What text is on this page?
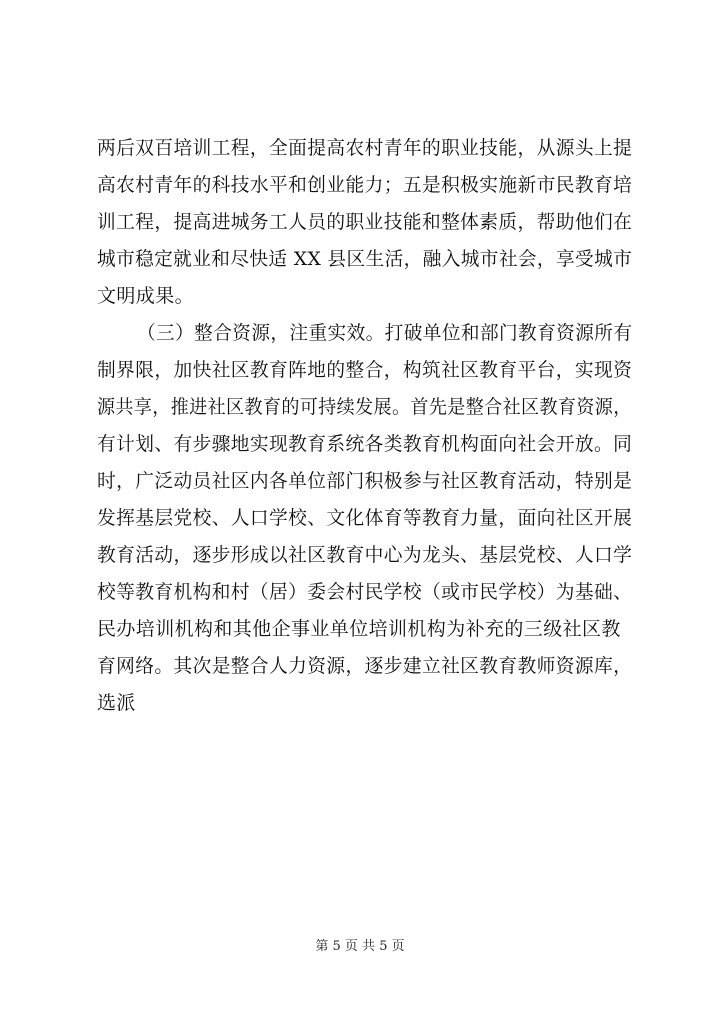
两后双百培训工程，全面提高农村青年的职业技能，从源头上提
高农村青年的科技水平和创业能力；五是积极实施新市民教育培
训工程，提高进城务工人员的职业技能和整体素质，帮助他们在
城市稳定就业和尽快适 XX 县区生活，融入城市社会，享受城市
文明成果。
（三）整合资源，注重实效。打破单位和部门教育资源所有
制界限，加快社区教育阵地的整合，构筑社区教育平台，实现资
源共享，推进社区教育的可持续发展。首先是整合社区教育资源，
有计划、有步骤地实现教育系统各类教育机构面向社会开放。同
时，广泛动员社区内各单位部门积极参与社区教育活动，特别是
发挥基层党校、人口学校、文化体育等教育力量，面向社区开展
教育活动，逐步形成以社区教育中心为龙头、基层党校、人口学
校等教育机构和村（居）委会村民学校（或市民学校）为基础、
民办培训机构和其他企事业单位培训机构为补充的三级社区教
育网络。其次是整合人力资源，逐步建立社区教育教师资源库，
选派
第 5 页 共 5 页
